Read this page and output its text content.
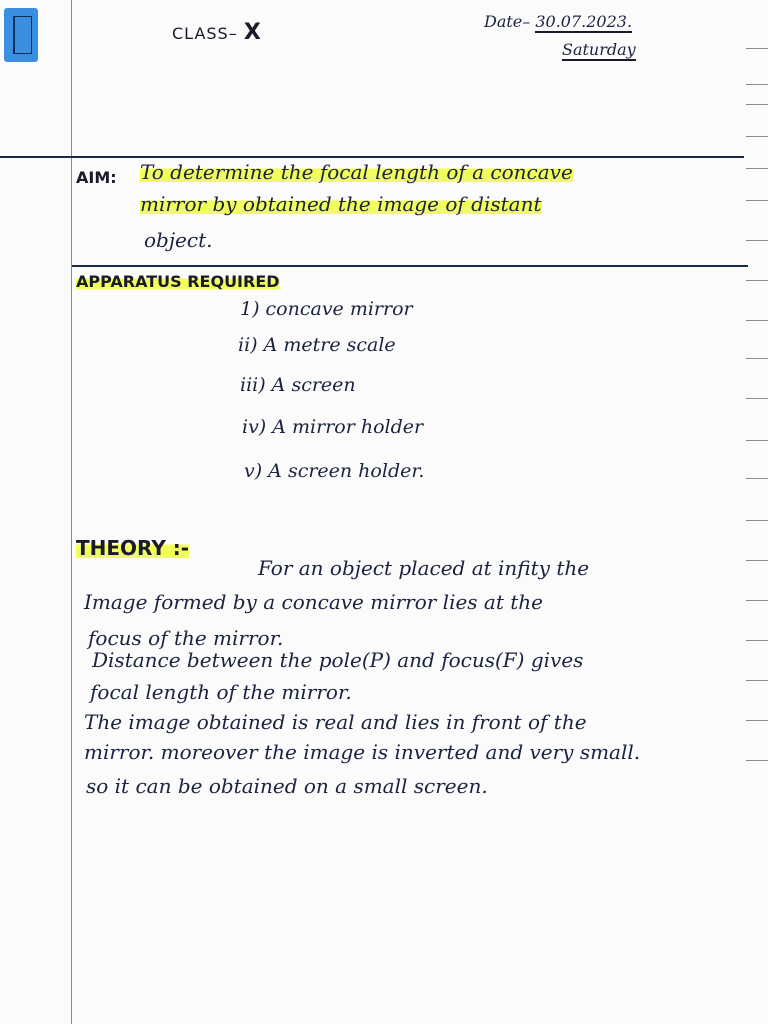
CLASS– X	Date– 30.07.2023.
Saturday
AIM: To determine the focal length of a concave
mirror by obtained the image of distant
object.
APPARATUS REQUIRED
1) concave mirror
ii) A metre scale
iii) A screen
iv) A mirror holder
v) A screen holder.
THEORY :-
For an object placed at infity the
Image formed by a concave mirror lies at the
focus of the mirror.
Distance between the pole(P) and focus(F) gives
focal length of the mirror.
The image obtained is real and lies in front of the
mirror. moreover the image is inverted and very small.
so it can be obtained on a small screen.
